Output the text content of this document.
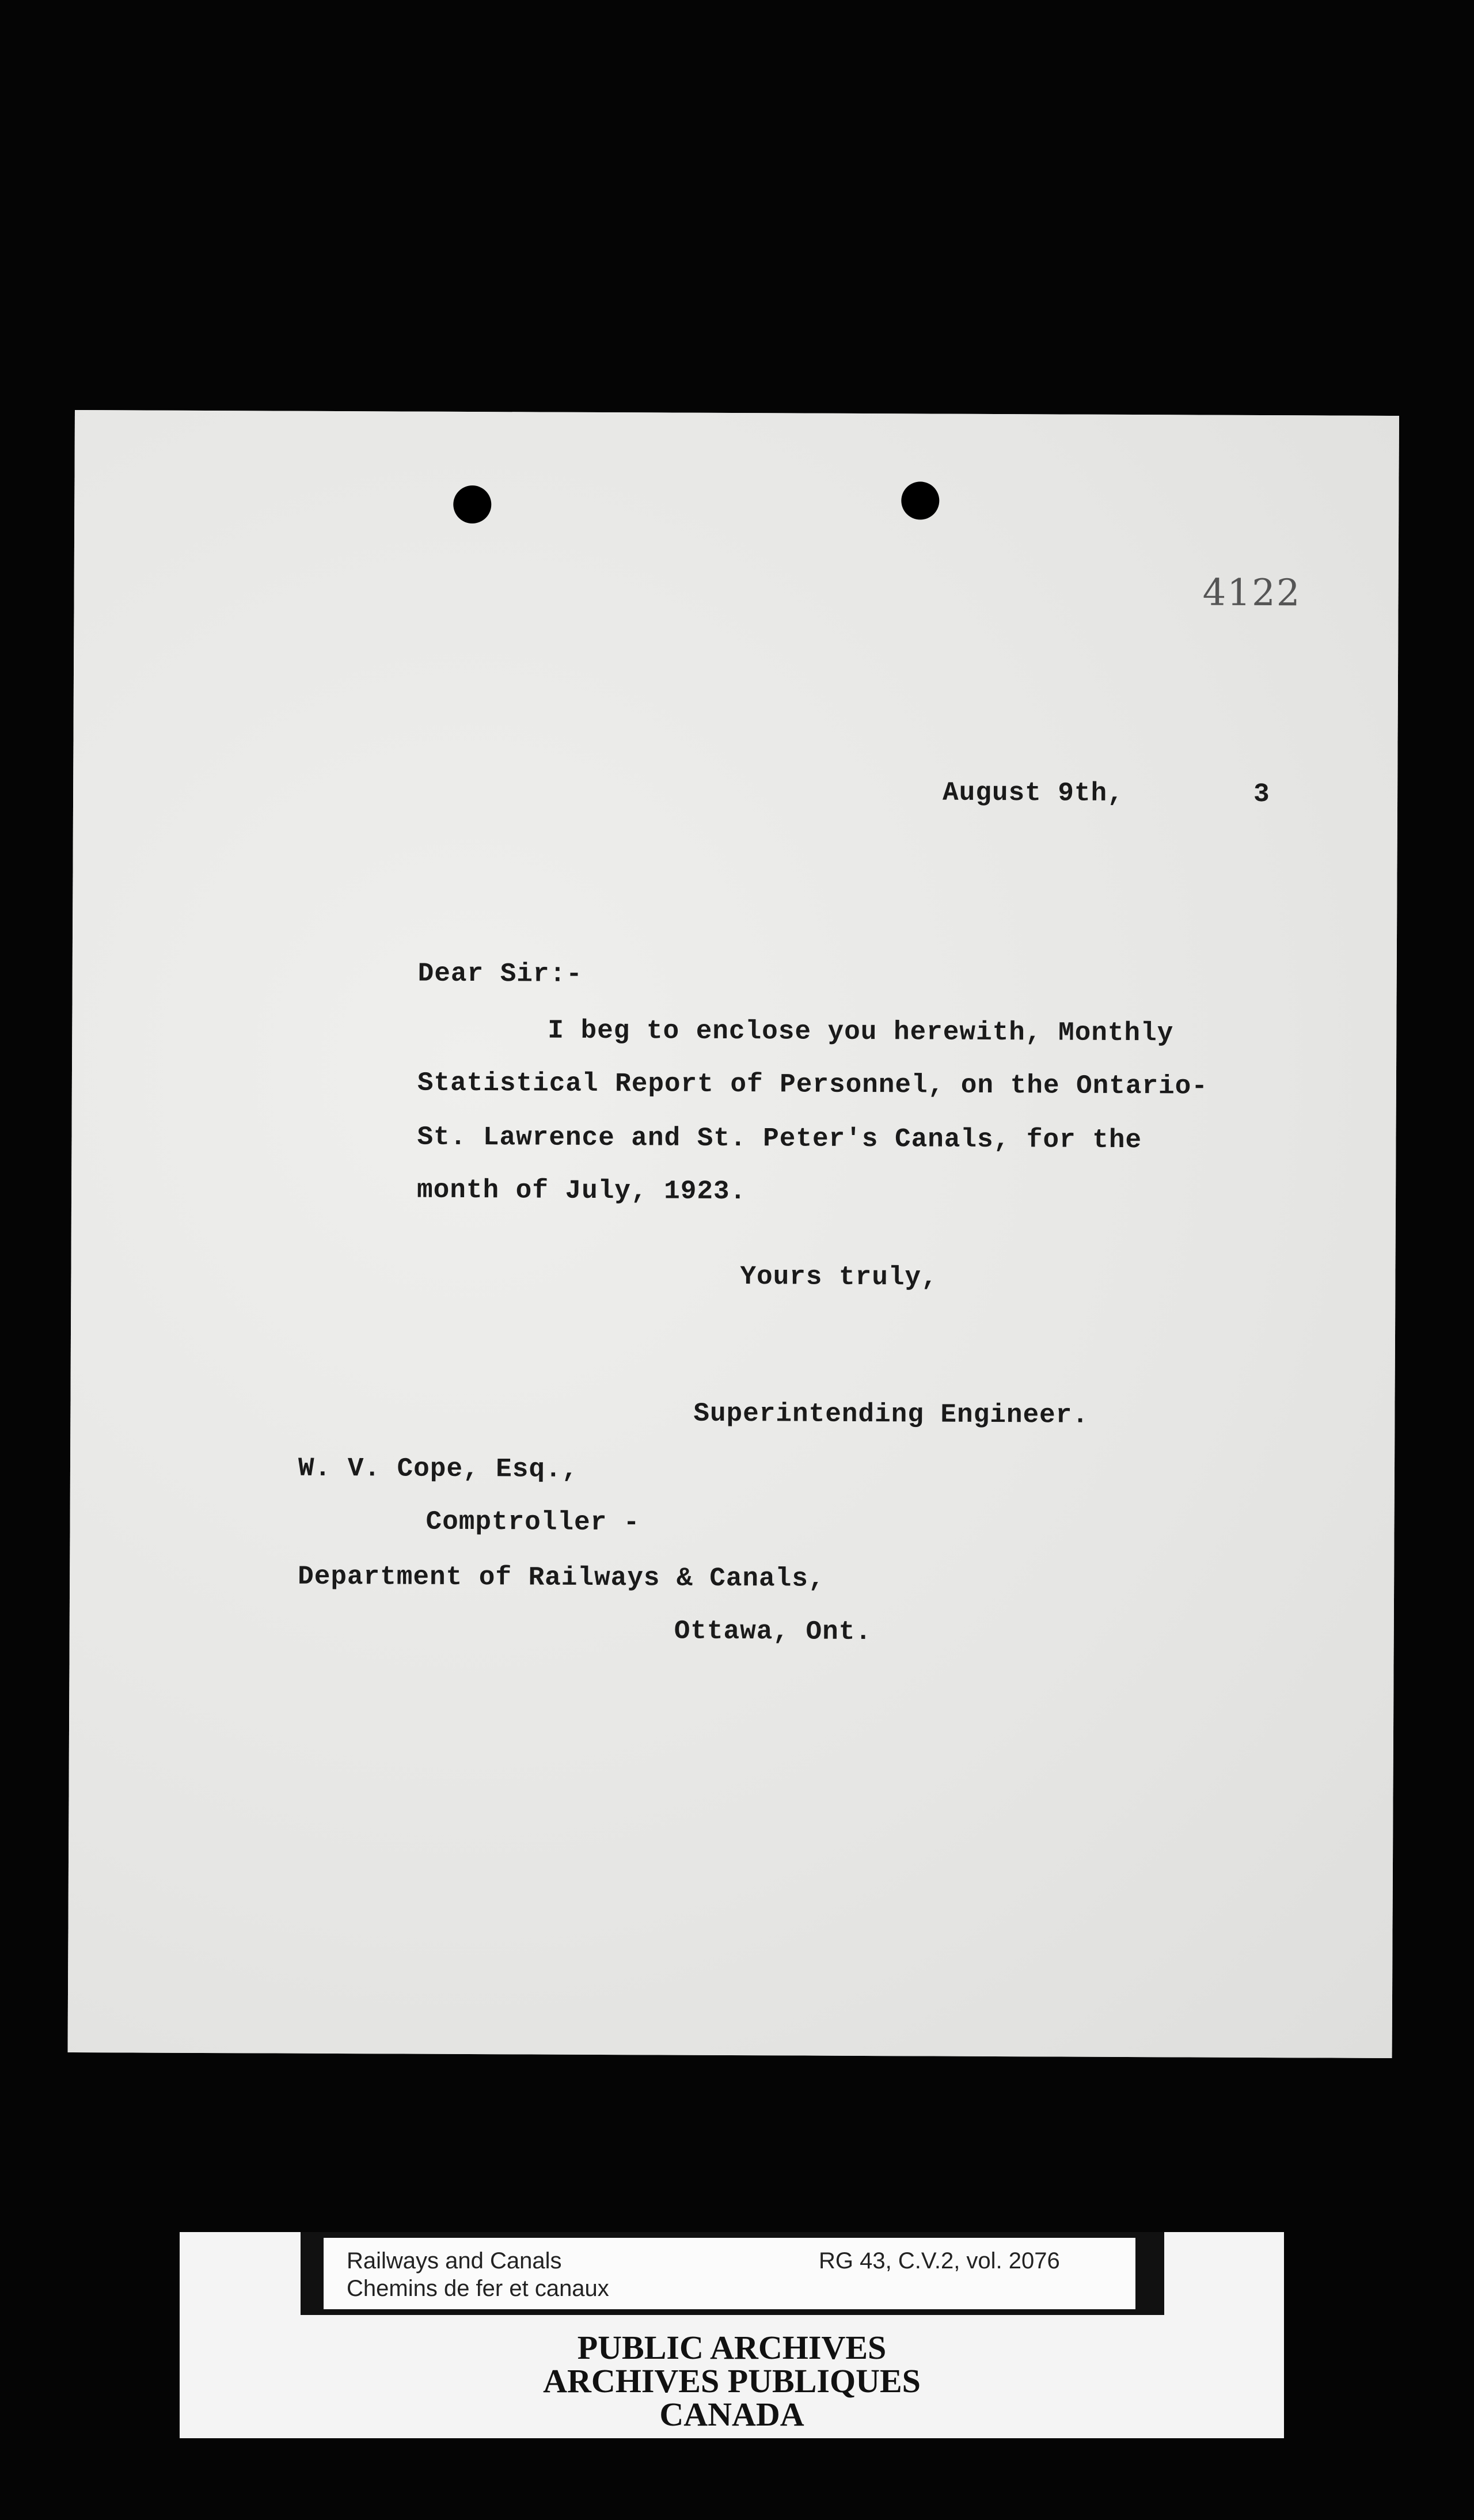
4122
August 9th,	3
Dear Sir:-
I beg to enclose you herewith, Monthly
Statistical Report of Personnel, on the Ontario-
St. Lawrence and St. Peter's Canals, for the
month of July, 1923.
Yours truly,
Superintending Engineer.
W. V. Cope, Esq.,
Comptroller -
Department of Railways & Canals,
Ottawa, Ont.
Railways and Canals
Chemins de fer et canaux
RG 43, C.V.2, vol. 2076
PUBLIC ARCHIVES
ARCHIVES PUBLIQUES
CANADA
